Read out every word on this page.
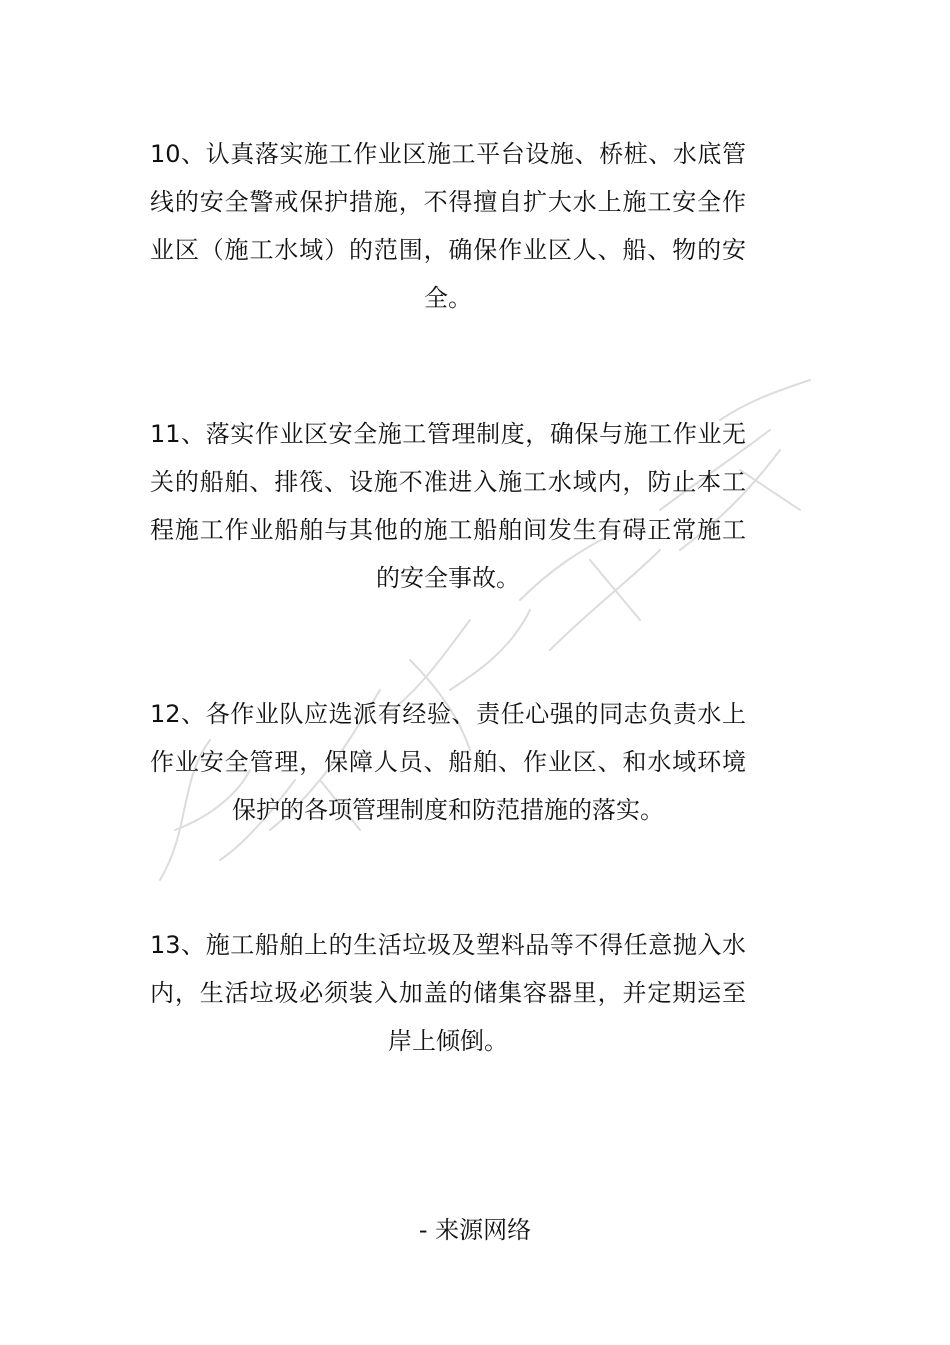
10、认真落实施工作业区施工平台设施、桥桩、水底管
线的安全警戒保护措施，不得擅自扩大水上施工安全作
业区（施工水域）的范围，确保作业区人、船、物的安
全。
11、落实作业区安全施工管理制度，确保与施工作业无
关的船舶、排筏、设施不准进入施工水域内，防止本工
程施工作业船舶与其他的施工船舶间发生有碍正常施工
的安全事故。
12、各作业队应选派有经验、责任心强的同志负责水上
作业安全管理，保障人员、船舶、作业区、和水域环境
保护的各项管理制度和防范措施的落实。
13、施工船舶上的生活垃圾及塑料品等不得任意抛入水
内，生活垃圾必须装入加盖的储集容器里，并定期运至
岸上倾倒。
- 来源网络
